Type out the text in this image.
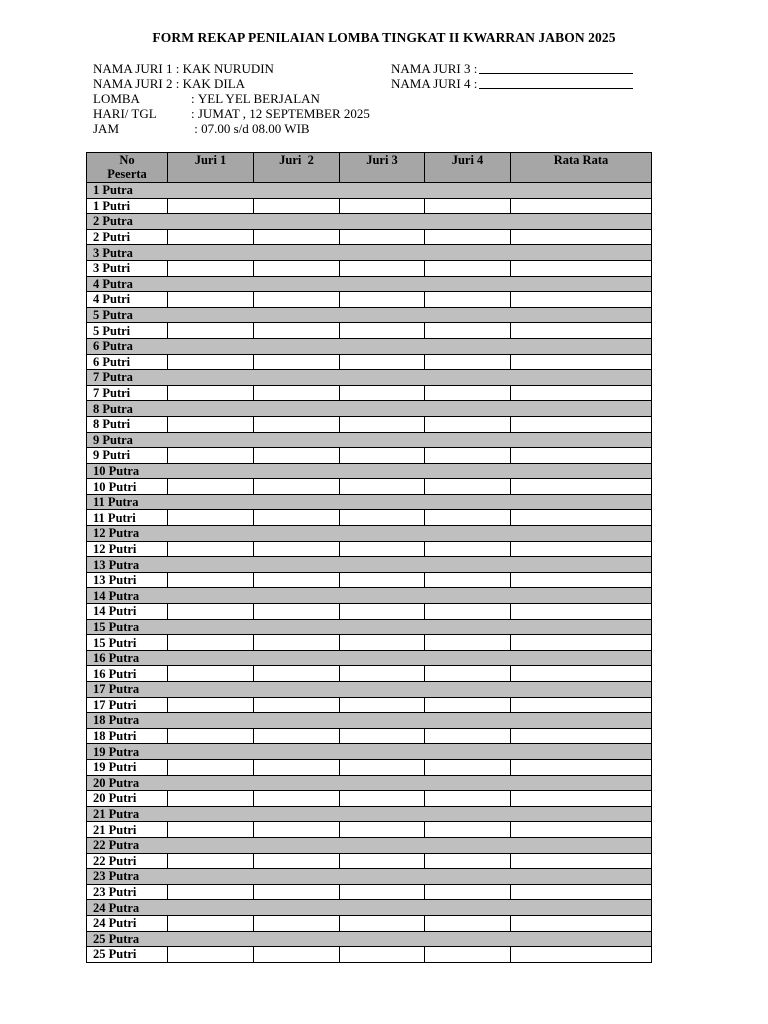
FORM REKAP PENILAIAN LOMBA TINGKAT II KWARRAN JABON 2025
NAMA JURI 1 : KAK NURUDIN
NAMA JURI 2 : KAK DILA
LOMBA	: YEL YEL BERJALAN
HARI/ TGL	: JUMAT , 12 SEPTEMBER 2025
JAM	: 07.00 s/d 08.00 WIB
NAMA JURI 3 :
NAMA JURI 4 :
No
Peserta	Juri 1	Juri  2	Juri 3	Juri 4	Rata Rata
1 Putra					
1 Putri					
2 Putra					
2 Putri					
3 Putra					
3 Putri					
4 Putra					
4 Putri					
5 Putra					
5 Putri					
6 Putra					
6 Putri					
7 Putra					
7 Putri					
8 Putra					
8 Putri					
9 Putra					
9 Putri					
10 Putra					
10 Putri					
11 Putra					
11 Putri					
12 Putra					
12 Putri					
13 Putra					
13 Putri					
14 Putra					
14 Putri					
15 Putra					
15 Putri					
16 Putra					
16 Putri					
17 Putra					
17 Putri					
18 Putra					
18 Putri					
19 Putra					
19 Putri					
20 Putra					
20 Putri					
21 Putra					
21 Putri					
22 Putra					
22 Putri					
23 Putra					
23 Putri					
24 Putra					
24 Putri					
25 Putra					
25 Putri					
